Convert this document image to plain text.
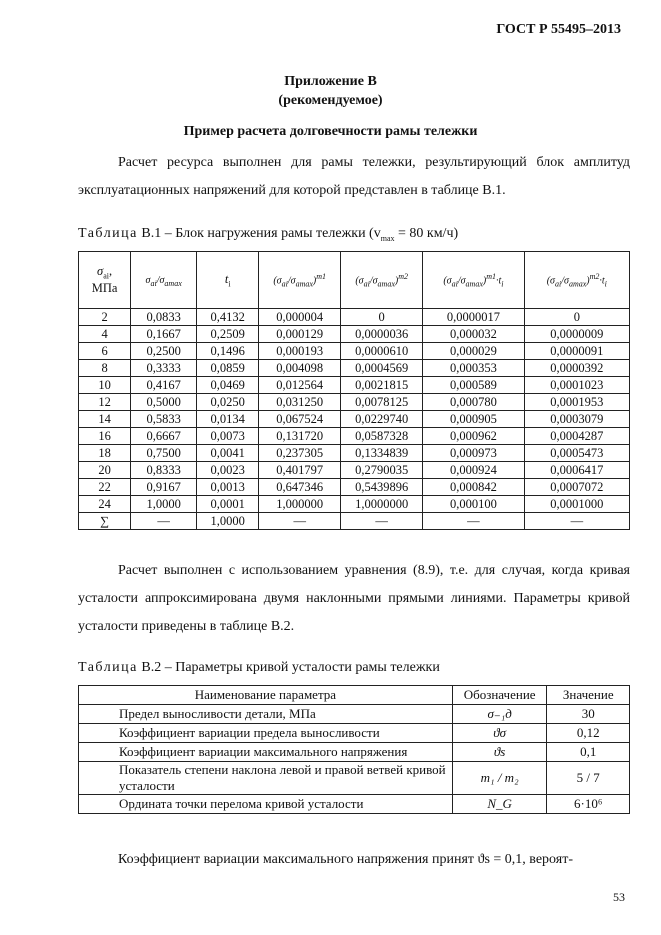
ГОСТ Р 55495–2013
Приложение В
(рекомендуемое)
Пример расчета долговечности рамы тележки
Расчет ресурса выполнен для рамы тележки, результирующий блок амплитуд эксплуатационных напряжений для которой представлен в таблице В.1.
Таблица В.1 – Блок нагружения рамы тележки ($v_{max} = 80$ км/ч)
$\sigma_{ai}$,
МПа	$\sigma_{ai}/\sigma_{amax}$	$t_i$	$(\sigma_{ai}/\sigma_{amax})^{m1}$	$(\sigma_{ai}/\sigma_{amax})^{m2}$	$(\sigma_{ai}/\sigma_{amax})^{m1}\cdot t_i$	$(\sigma_{ai}/\sigma_{amax})^{m2}\cdot t_i$
2	0,0833	0,4132	0,000004	0	0,0000017	0
4	0,1667	0,2509	0,000129	0,0000036	0,000032	0,0000009
6	0,2500	0,1496	0,000193	0,0000610	0,000029	0,0000091
8	0,3333	0,0859	0,004098	0,0004569	0,000353	0,0000392
10	0,4167	0,0469	0,012564	0,0021815	0,000589	0,0001023
12	0,5000	0,0250	0,031250	0,0078125	0,000780	0,0001953
14	0,5833	0,0134	0,067524	0,0229740	0,000905	0,0003079
16	0,6667	0,0073	0,131720	0,0587328	0,000962	0,0004287
18	0,7500	0,0041	0,237305	0,1334839	0,000973	0,0005473
20	0,8333	0,0023	0,401797	0,2790035	0,000924	0,0006417
22	0,9167	0,0013	0,647346	0,5439896	0,000842	0,0007072
24	1,0000	0,0001	1,000000	1,0000000	0,000100	0,0001000
∑	—	1,0000	—	—	—	—
Расчет выполнен с использованием уравнения (8.9), т.е. для случая, когда кривая усталости аппроксимирована двумя наклонными прямыми линиями. Параметры кривой усталости приведены в таблице В.2.
Таблица В.2 – Параметры кривой усталости рамы тележки
Наименование параметра	Обозначение	Значение
Предел выносливости детали, МПа	σ₋₁д	30
Коэффициент вариации предела выносливости	ϑσ	0,12
Коэффициент вариации максимального напряжения	ϑs	0,1
Показатель степени наклона левой и правой ветвей кривой усталости	m₁ / m₂	5 / 7
Ордината точки перелома кривой усталости	N_G	6·10⁶
Коэффициент вариации максимального напряжения принят ϑs = 0,1, вероят-
53
